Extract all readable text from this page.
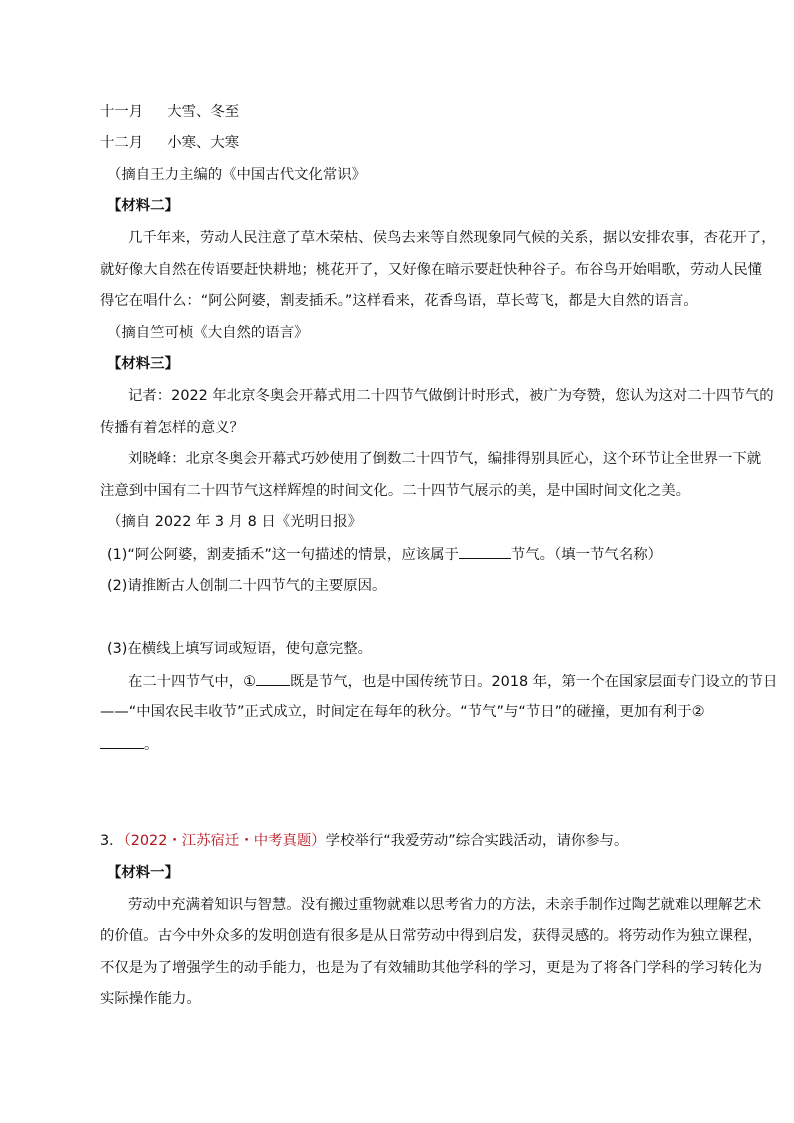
十一月 大雪、冬至
十二月 小寒、大寒
（摘自王力主编的《中国古代文化常识》
【材料二】
几千年来，劳动人民注意了草木荣枯、侯鸟去来等自然现象同气候的关系，据以安排农事，杏花开了，
就好像大自然在传语要赶快耕地；桃花开了，又好像在暗示要赶快种谷子。布谷鸟开始唱歌，劳动人民懂
得它在唱什么：“阿公阿婆，割麦插禾。”这样看来，花香鸟语，草长莺飞，都是大自然的语言。
（摘自竺可桢《大自然的语言》
【材料三】
记者：2022 年北京冬奥会开幕式用二十四节气做倒计时形式，被广为夸赞，您认为这对二十四节气的
传播有着怎样的意义？
刘晓峰：北京冬奥会开幕式巧妙使用了倒数二十四节气，编排得别具匠心，这个环节让全世界一下就
注意到中国有二十四节气这样辉煌的时间文化。二十四节气展示的美，是中国时间文化之美。
（摘自 2022 年 3 月 8 日《光明日报》
(1)“阿公阿婆，割麦插禾”这一句描述的情景，应该属于	节气。（填一节气名称）
(2)请推断古人创制二十四节气的主要原因。
(3)在横线上填写词或短语，使句意完整。
在二十四节气中，① 既是节气，也是中国传统节日。2018 年，第一个在国家层面专门设立的节日
——“中国农民丰收节”正式成立，时间定在每年的秋分。“节气”与“节日”的碰撞，更加有利于②
。
3．（2022・江苏宿迁・中考真题）学校举行“我爱劳动”综合实践活动，请你参与。
【材料一】
劳动中充满着知识与智慧。没有搬过重物就难以思考省力的方法，未亲手制作过陶艺就难以理解艺术
的价值。古今中外众多的发明创造有很多是从日常劳动中得到启发，获得灵感的。将劳动作为独立课程，
不仅是为了增强学生的动手能力，也是为了有效辅助其他学科的学习，更是为了将各门学科的学习转化为
实际操作能力。
